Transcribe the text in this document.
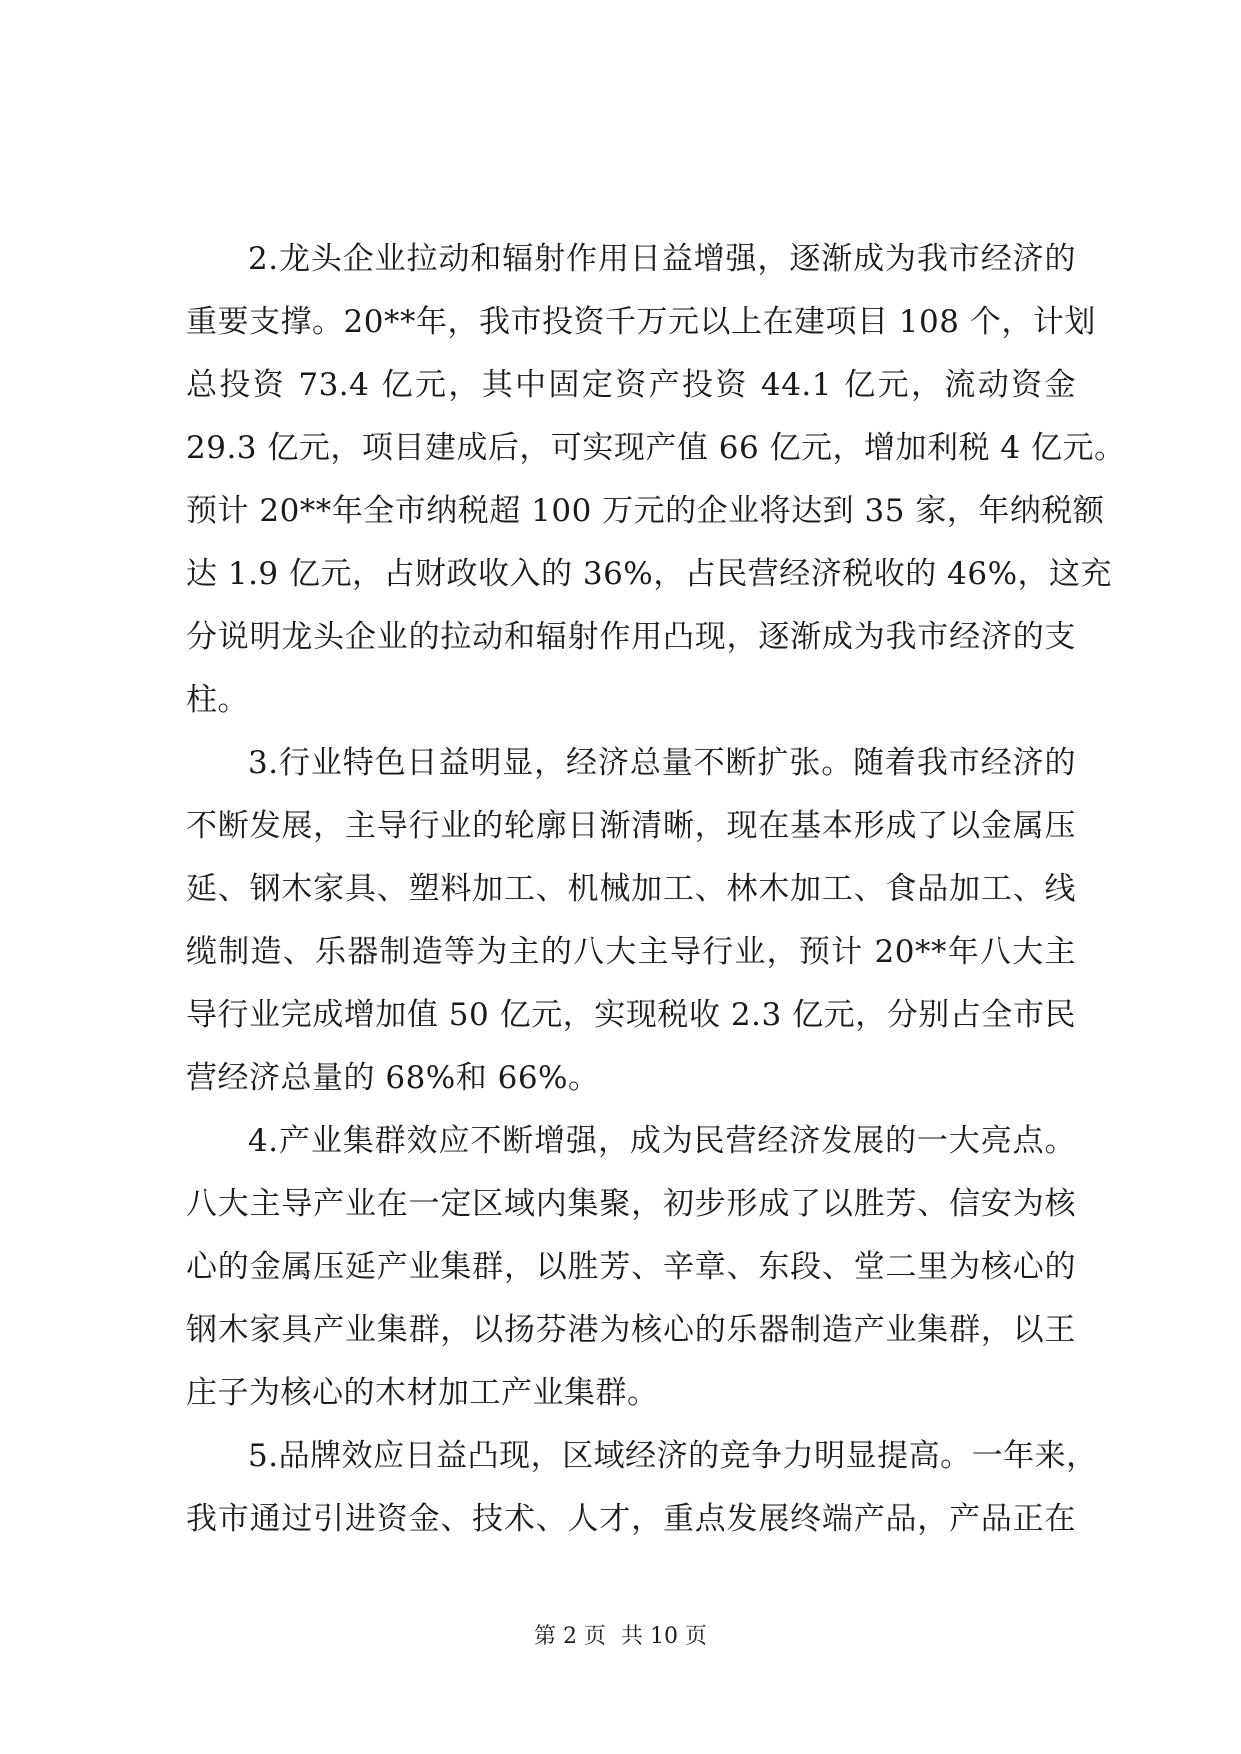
2.龙头企业拉动和辐射作用日益增强，逐渐成为我市经济的
重要支撑。20**年，我市投资千万元以上在建项目 108 个，计划
总投资 73.4 亿元，其中固定资产投资 44.1 亿元，流动资金
29.3 亿元，项目建成后，可实现产值 66 亿元，增加利税 4 亿元。
预计 20**年全市纳税超 100 万元的企业将达到 35 家，年纳税额
达 1.9 亿元，占财政收入的 36%，占民营经济税收的 46%，这充
分说明龙头企业的拉动和辐射作用凸现，逐渐成为我市经济的支
柱。
3.行业特色日益明显，经济总量不断扩张。随着我市经济的
不断发展，主导行业的轮廓日渐清晰，现在基本形成了以金属压
延、钢木家具、塑料加工、机械加工、林木加工、食品加工、线
缆制造、乐器制造等为主的八大主导行业，预计 20**年八大主
导行业完成增加值 50 亿元，实现税收 2.3 亿元，分别占全市民
营经济总量的 68%和 66%。
4.产业集群效应不断增强，成为民营经济发展的一大亮点。
八大主导产业在一定区域内集聚，初步形成了以胜芳、信安为核
心的金属压延产业集群，以胜芳、辛章、东段、堂二里为核心的
钢木家具产业集群，以扬芬港为核心的乐器制造产业集群，以王
庄子为核心的木材加工产业集群。
5.品牌效应日益凸现，区域经济的竞争力明显提高。一年来，
我市通过引进资金、技术、人才，重点发展终端产品，产品正在
第 2 页 共 10 页
